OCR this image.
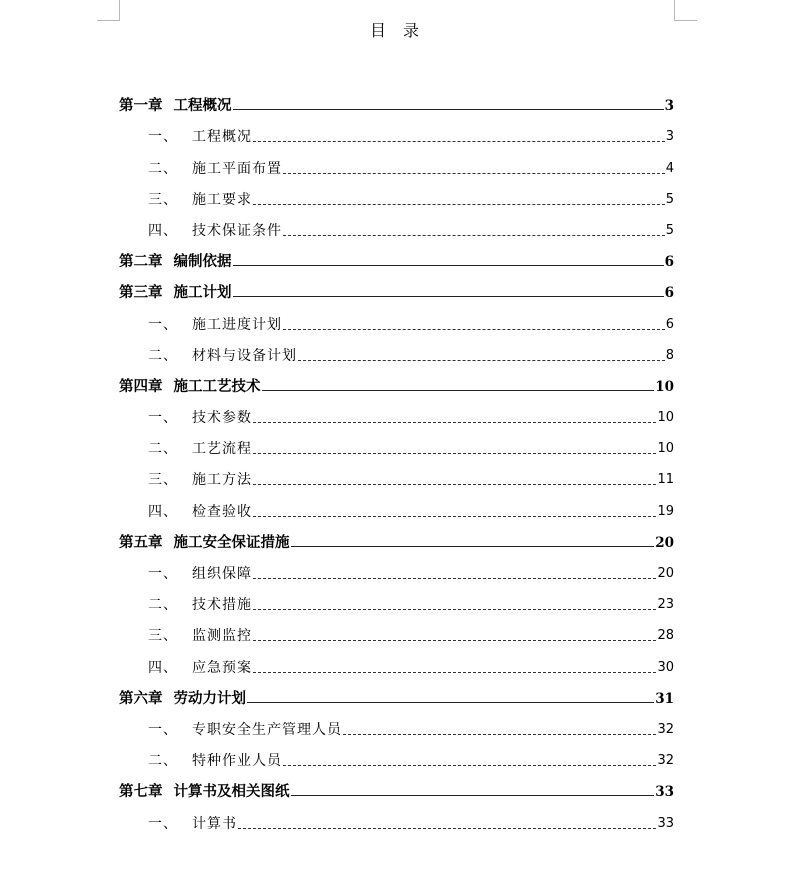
目 录
第一章 工程概况	3
一、 工程概况	3
二、 施工平面布置	4
三、 施工要求	5
四、 技术保证条件	5
第二章 编制依据	6
第三章 施工计划	6
一、 施工进度计划	6
二、 材料与设备计划	8
第四章 施工工艺技术	10
一、 技术参数	10
二、 工艺流程	10
三、 施工方法	11
四、 检查验收	19
第五章 施工安全保证措施	20
一、 组织保障	20
二、 技术措施	23
三、 监测监控	28
四、 应急预案	30
第六章 劳动力计划	31
一、 专职安全生产管理人员	32
二、 特种作业人员	32
第七章 计算书及相关图纸	33
一、 计算书	33
